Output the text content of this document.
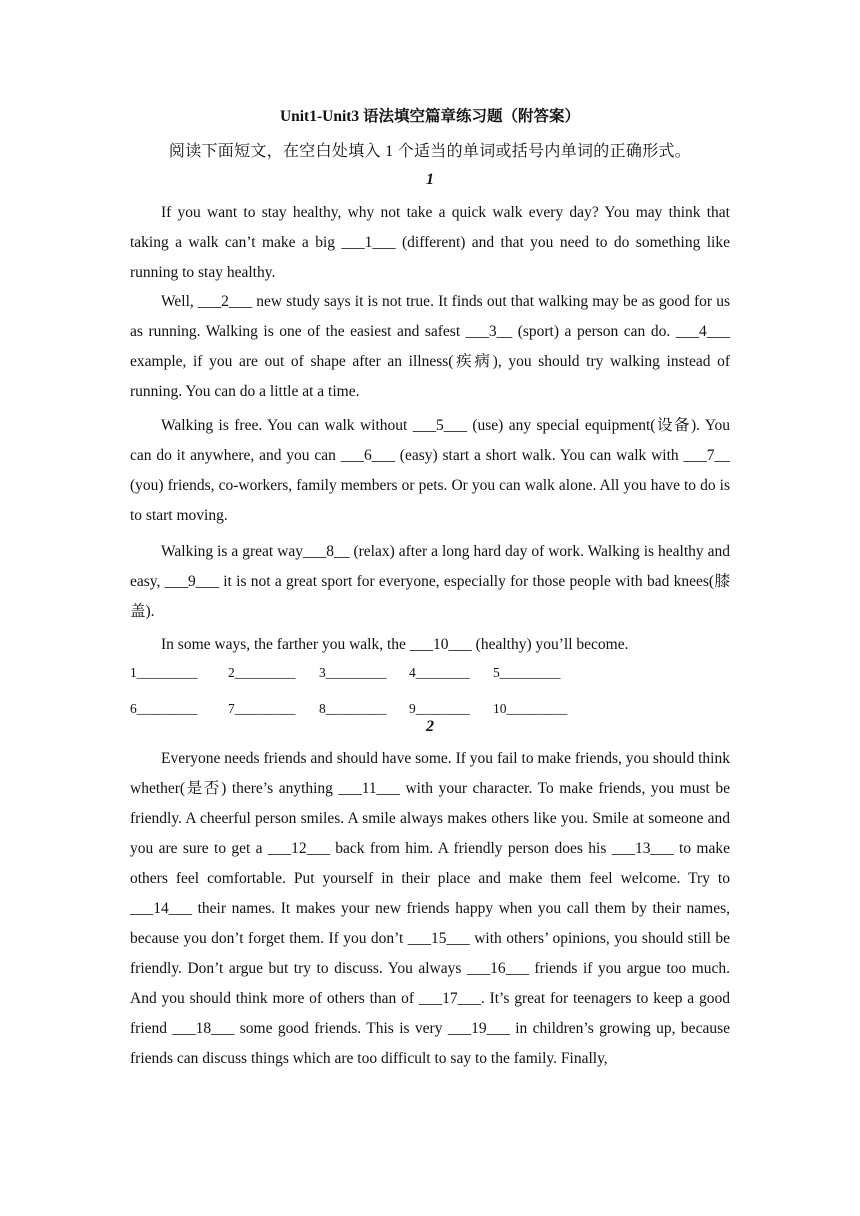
Unit1-Unit3 语法填空篇章练习题（附答案）
阅读下面短文，在空白处填入 1 个适当的单词或括号内单词的正确形式。
1

If you want to stay healthy, why not take a quick walk every day? You may think that taking a walk can’t make a big ___1___ (different) and that you need to do something like running to stay healthy.

Well, ___2___ new study says it is not true. It finds out that walking may be as good for us as running. Walking is one of the easiest and safest ___3__ (sport) a person can do. ___4___ example, if you are out of shape after an illness(疾病), you should try walking instead of running. You can do a little at a time.

Walking is free. You can walk without ___5___ (use) any special equipment(设备). You can do it anywhere, and you can ___6___ (easy) start a short walk. You can walk with ___7__ (you) friends, co-workers, family members or pets. Or you can walk alone. All you have to do is to start moving.

Walking is a great way___8__ (relax) after a long hard day of work. Walking is healthy and easy, ___9___ it is not a great sport for everyone, especially for those people with bad knees(膝盖).

In some ways, the farther you walk, the ___10___ (healthy) you’ll become.

1_________ 2_________ 3_________ 4________ 5_________
6_________ 7_________ 8_________ 9________ 10_________
2

Everyone needs friends and should have some. If you fail to make friends, you should think whether(是否) there’s anything ___11___ with your character. To make friends, you must be friendly. A cheerful person smiles. A smile always makes others like you. Smile at someone and you are sure to get a ___12___ back from him. A friendly person does his ___13___ to make others feel comfortable. Put yourself in their place and make them feel welcome. Try to ___14___ their names. It makes your new friends happy when you call them by their names, because you don’t forget them. If you don’t ___15___ with others’ opinions, you should still be friendly. Don’t argue but try to discuss. You always ___16___ friends if you argue too much. And you should think more of others than of ___17___. It’s great for teenagers to keep a good friend ___18___ some good friends. This is very ___19___ in children’s growing up, because friends can discuss things which are too difficult to say to the family. Finally,
